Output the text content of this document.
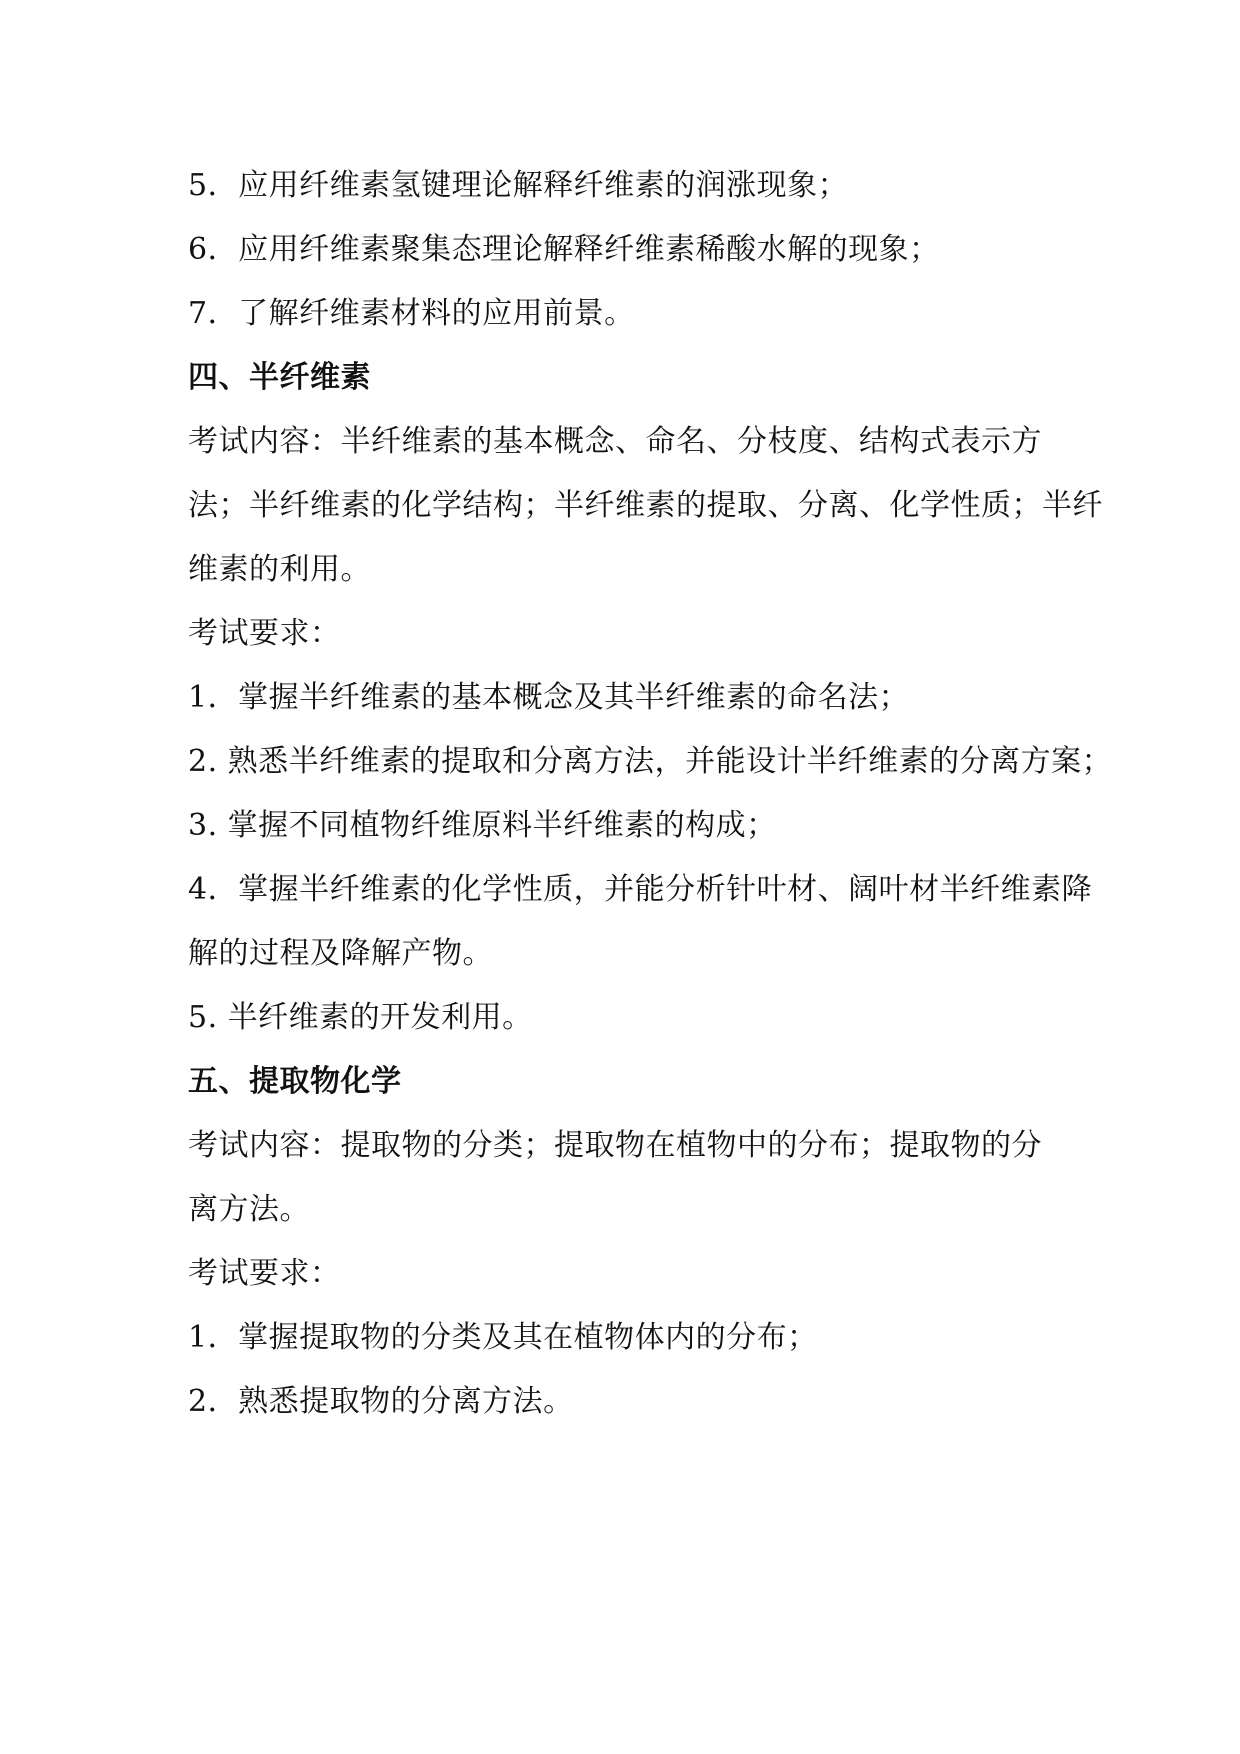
5．应用纤维素氢键理论解释纤维素的润涨现象；
6．应用纤维素聚集态理论解释纤维素稀酸水解的现象；
7．了解纤维素材料的应用前景。
四、半纤维素
考试内容：半纤维素的基本概念、命名、分枝度、结构式表示方
法；半纤维素的化学结构；半纤维素的提取、分离、化学性质；半纤
维素的利用。
考试要求：
1．掌握半纤维素的基本概念及其半纤维素的命名法；
2. 熟悉半纤维素的提取和分离方法，并能设计半纤维素的分离方案；
3. 掌握不同植物纤维原料半纤维素的构成；
4．掌握半纤维素的化学性质，并能分析针叶材、阔叶材半纤维素降
解的过程及降解产物。
5. 半纤维素的开发利用。
五、提取物化学
考试内容：提取物的分类；提取物在植物中的分布；提取物的分
离方法。
考试要求：
1．掌握提取物的分类及其在植物体内的分布；
2．熟悉提取物的分离方法。
